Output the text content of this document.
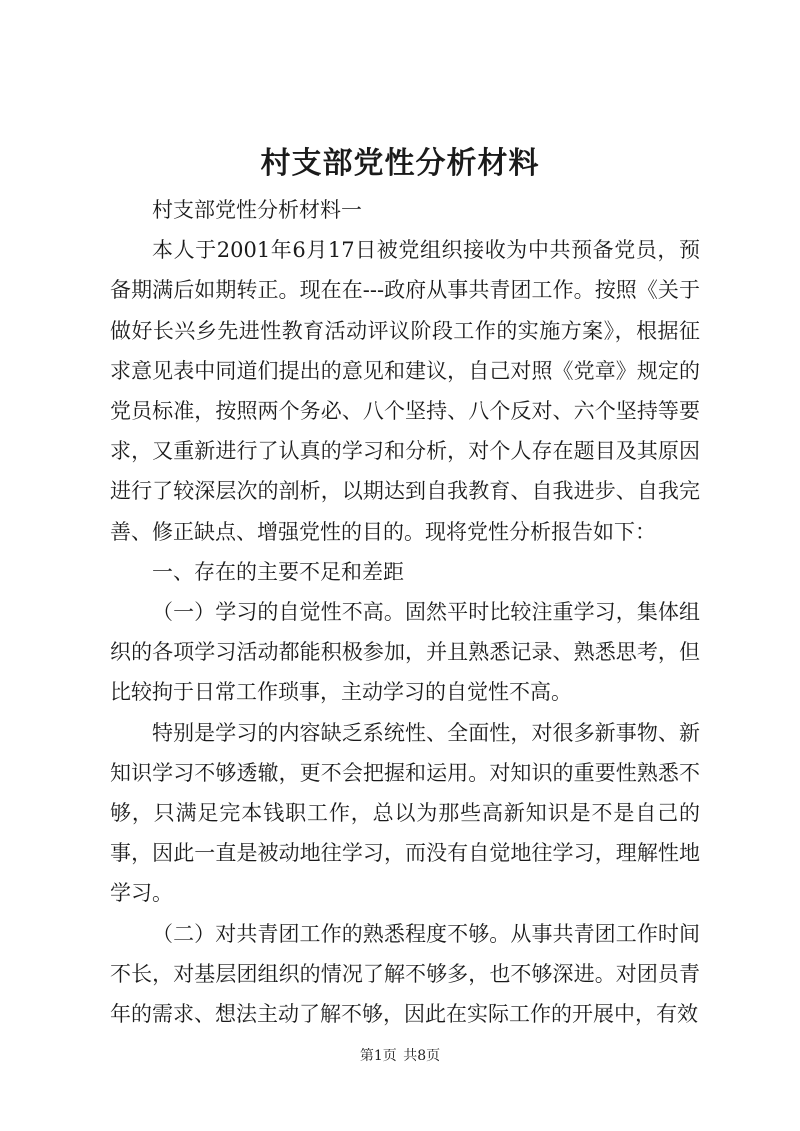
村支部党性分析材料

村支部党性分析材料一

本人于2001年6月17日被党组织接收为中共预备党员，预备期满后如期转正。现在在---政府从事共青团工作。按照《关于做好长兴乡先进性教育活动评议阶段工作的实施方案》，根据征求意见表中同道们提出的意见和建议，自己对照《党章》规定的党员标准，按照两个务必、八个坚持、八个反对、六个坚持等要求，又重新进行了认真的学习和分析，对个人存在题目及其原因进行了较深层次的剖析，以期达到自我教育、自我进步、自我完善、修正缺点、增强党性的目的。现将党性分析报告如下：

一、存在的主要不足和差距

（一）学习的自觉性不高。固然平时比较注重学习，集体组织的各项学习活动都能积极参加，并且熟悉记录、熟悉思考，但比较拘于日常工作琐事，主动学习的自觉性不高。

特别是学习的内容缺乏系统性、全面性，对很多新事物、新知识学习不够透辙，更不会把握和运用。对知识的重要性熟悉不够，只满足完本钱职工作，总以为那些高新知识是不是自己的事，因此一直是被动地往学习，而没有自觉地往学习，理解性地学习。

（二）对共青团工作的熟悉程度不够。从事共青团工作时间不长，对基层团组织的情况了解不够多，也不够深进。对团员青年的需求、想法主动了解不够，因此在实际工作的开展中，有效

第1页 共8页
